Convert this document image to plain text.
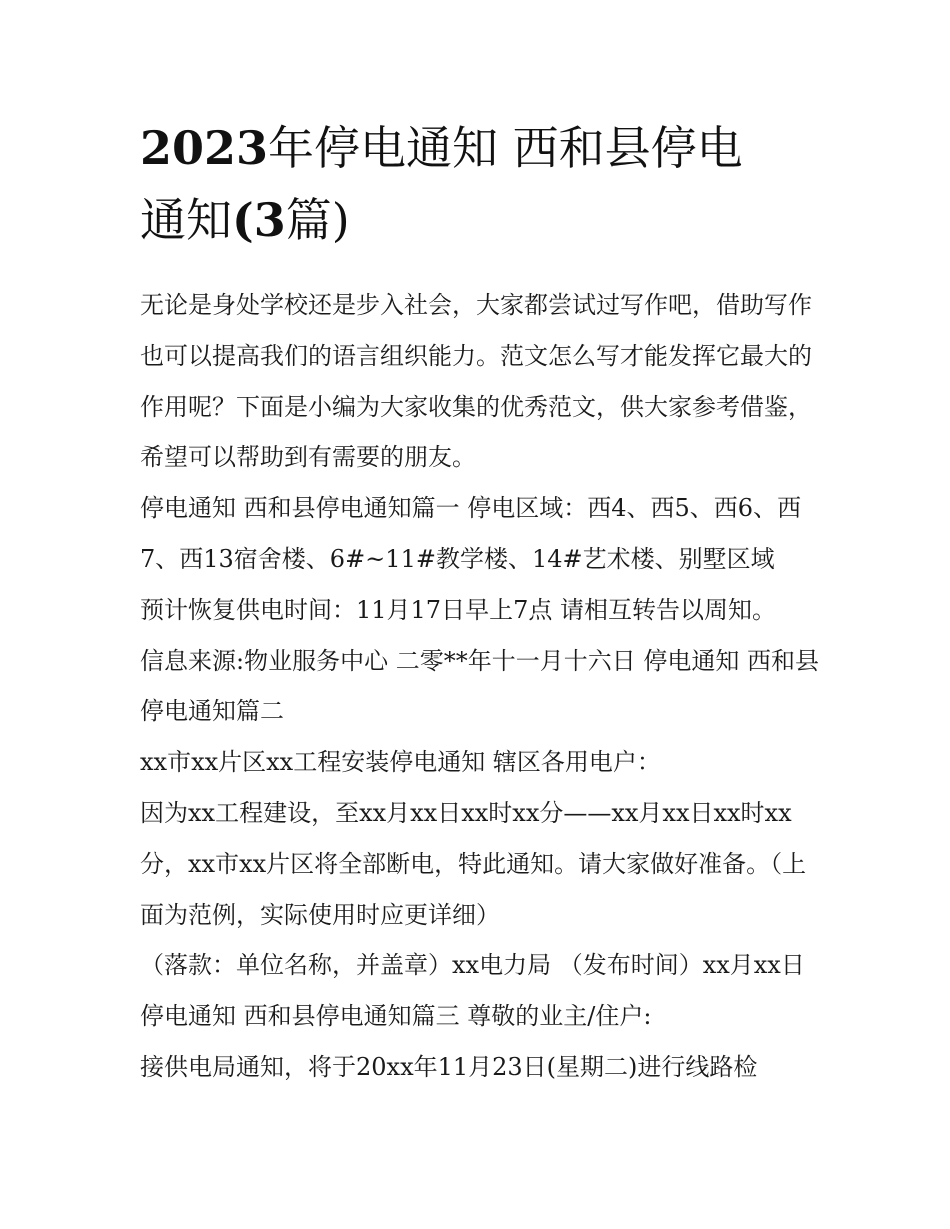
2023年停电通知 西和县停电
通知(3篇)

无论是身处学校还是步入社会，大家都尝试过写作吧，借助写作也可以提高我们的语言组织能力。范文怎么写才能发挥它最大的作用呢？下面是小编为大家收集的优秀范文，供大家参考借鉴，希望可以帮助到有需要的朋友。

停电通知 西和县停电通知篇一 停电区域：西4、西5、西6、西7、西13宿舍楼、6#~11#教学楼、14#艺术楼、别墅区域

预计恢复供电时间：11月17日早上7点 请相互转告以周知。

信息来源:物业服务中心 二零**年十一月十六日 停电通知 西和县停电通知篇二

xx市xx片区xx工程安装停电通知 辖区各用电户：

因为xx工程建设，至xx月xx日xx时xx分——xx月xx日xx时xx分，xx市xx片区将全部断电，特此通知。请大家做好准备。（上面为范例，实际使用时应更详细）

（落款：单位名称，并盖章）xx电力局 （发布时间）xx月xx日 停电通知 西和县停电通知篇三 尊敬的业主/住户:

接供电局通知，将于20xx年11月23日(星期二)进行线路检
